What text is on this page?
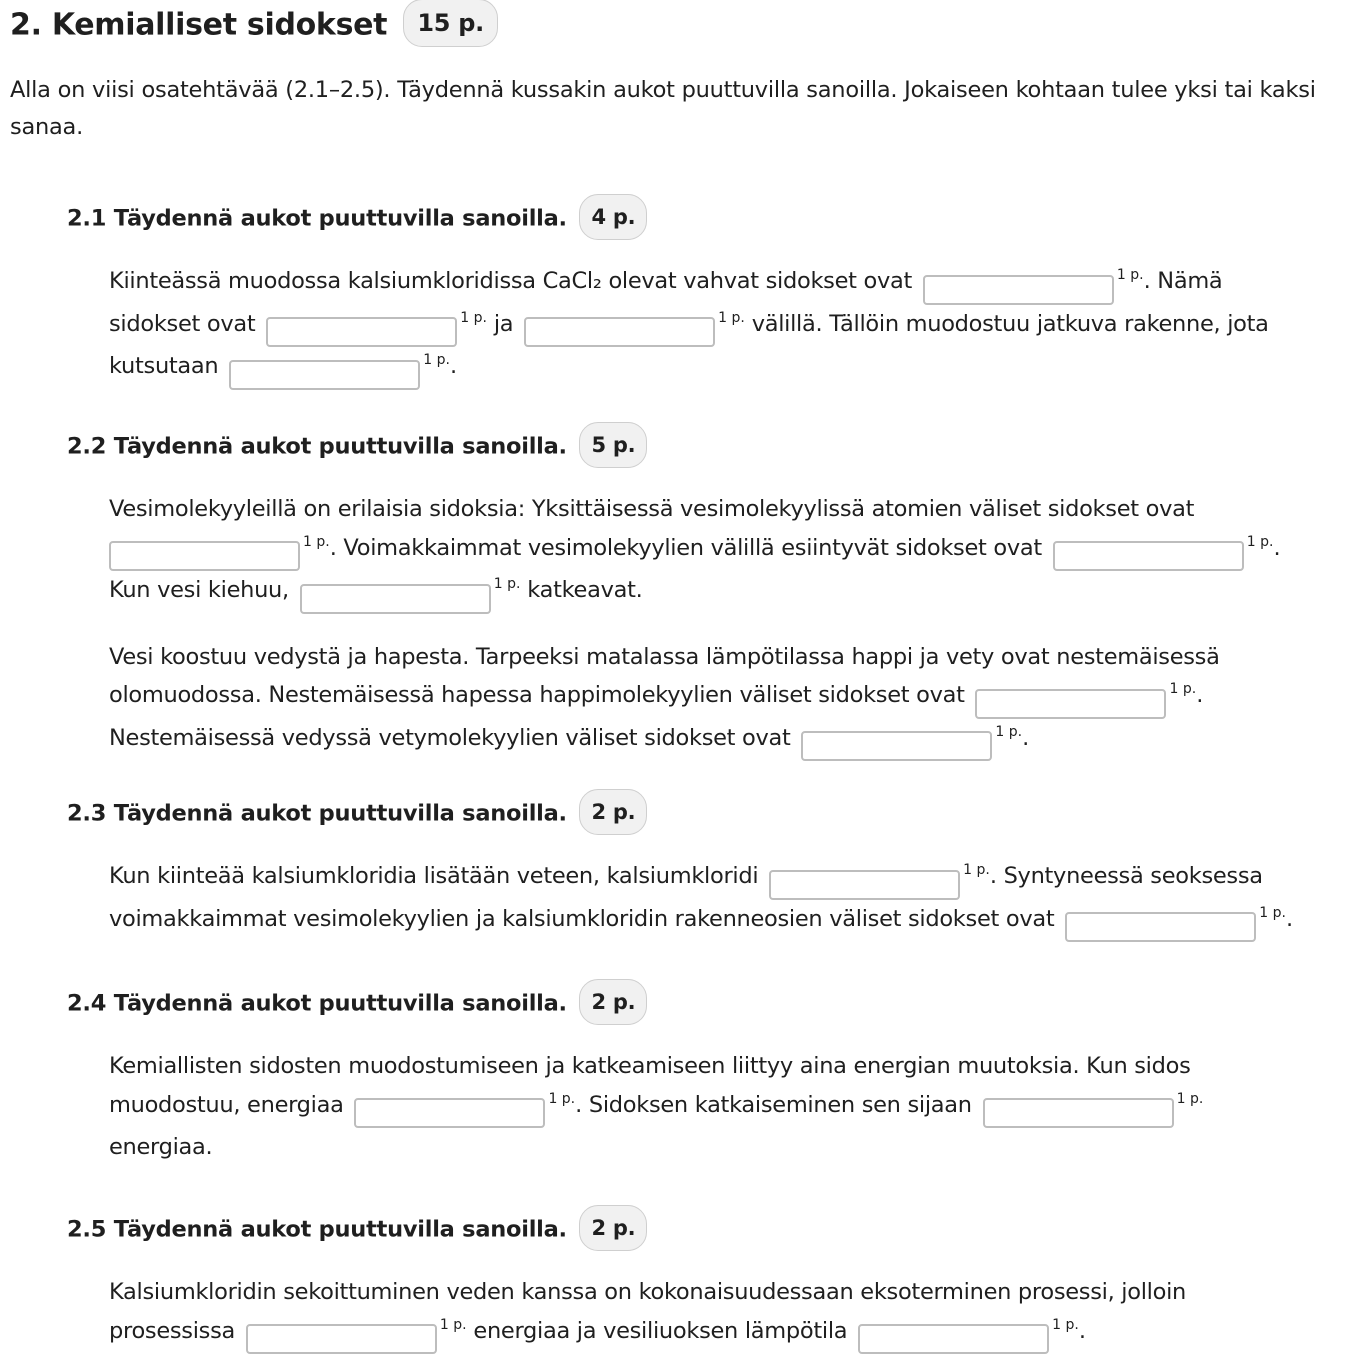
2. Kemialliset sidokset 15 p.

Alla on viisi osatehtävää (2.1–2.5). Täydennä kussakin aukot puuttuvilla sanoilla. Jokaiseen kohtaan tulee yksi tai kaksi sanaa.

2.1 Täydennä aukot puuttuvilla sanoilla. 4 p.

Kiinteässä muodossa kalsiumkloridissa CaCl₂ olevat vahvat sidokset ovat	$^{1 p.}$. Nämä
sidokset ovat	$^{1 p.}$ ja	$^{1 p.}$ välillä. Tällöin muodostuu jatkuva rakenne, jota
kutsutaan	$^{1 p.}$.

2.2 Täydennä aukot puuttuvilla sanoilla. 5 p.

Vesimolekyyleillä on erilaisia sidoksia: Yksittäisessä vesimolekyylissä atomien väliset sidokset ovat
$^{1 p.}$. Voimakkaimmat vesimolekyylien välillä esiintyvät sidokset ovat	$^{1 p.}$.
Kun vesi kiehuu,	$^{1 p.}$ katkeavat.

Vesi koostuu vedystä ja hapesta. Tarpeeksi matalassa lämpötilassa happi ja vety ovat nestemäisessä
olomuodossa. Nestemäisessä hapessa happimolekyylien väliset sidokset ovat	$^{1 p.}$.
Nestemäisessä vedyssä vetymolekyylien väliset sidokset ovat	$^{1 p.}$.

2.3 Täydennä aukot puuttuvilla sanoilla. 2 p.

Kun kiinteää kalsiumkloridia lisätään veteen, kalsiumkloridi	$^{1 p.}$. Syntyneessä seoksessa
voimakkaimmat vesimolekyylien ja kalsiumkloridin rakenneosien väliset sidokset ovat	$^{1 p.}$.

2.4 Täydennä aukot puuttuvilla sanoilla. 2 p.

Kemiallisten sidosten muodostumiseen ja katkeamiseen liittyy aina energian muutoksia. Kun sidos
muodostuu, energiaa	$^{1 p.}$. Sidoksen katkaiseminen sen sijaan	$^{1 p.}$
energiaa.

2.5 Täydennä aukot puuttuvilla sanoilla. 2 p.

Kalsiumkloridin sekoittuminen veden kanssa on kokonaisuudessaan eksoterminen prosessi, jolloin
prosessissa	$^{1 p.}$ energiaa ja vesiliuoksen lämpötila	$^{1 p.}$.
